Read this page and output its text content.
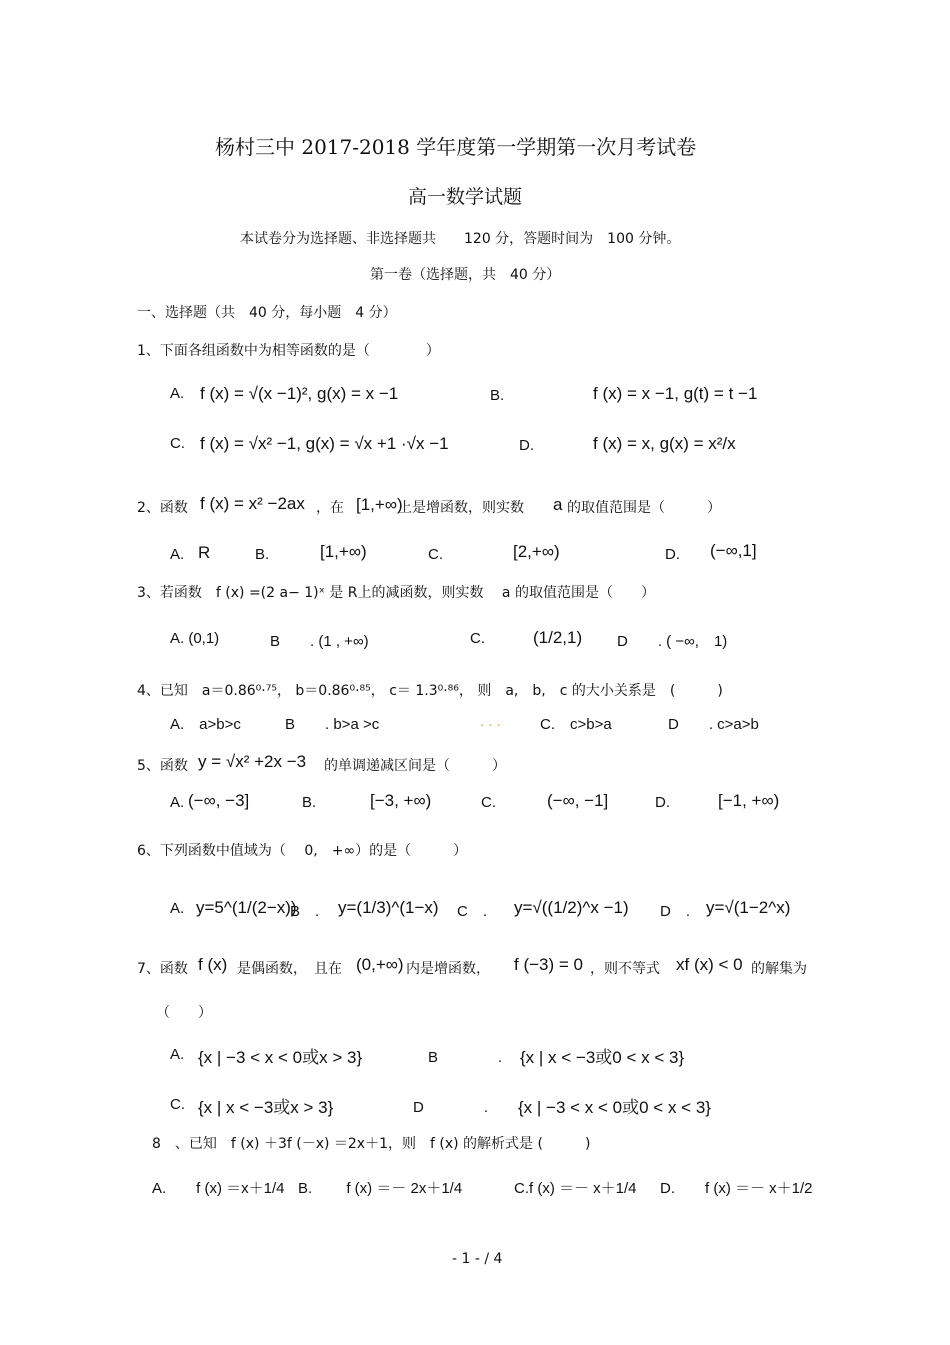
杨村三中 2017-2018 学年度第一学期第一次月考试卷
高一数学试题
本试卷分为选择题、非选择题共　　120 分，答题时间为　100 分钟。
第一卷（选择题，共　40 分）
一、选择题（共　40 分，每小题　4 分）
1、下面各组函数中为相等函数的是（　　　　）
A. f (x) = √(x −1)², g(x) = x −1	B.	f (x) = x −1, g(t) = t −1
C. f (x) = √x² −1, g(x) = √x +1 ·√x −1	D.	f (x) = x, g(x) = x²/x
2、函数 f (x) = x² −2ax ，在 [1,+∞)
上是增函数，则实数 a 的取值范围是（　　　）
A. R	B.	[1,+∞)	C.	[2,+∞)	D. (−∞,1]
3、若函数　f (x) =(2 a− 1)ˣ 是 R上的减函数，则实数　 a 的取值范围是（　　）
A. (0,1)	B　　. (1 , +∞)	C.	(1/2,1) D　　. ( −∞,　1)
4、已知　a＝0.86⁰·⁷⁵， b＝0.86⁰·⁸⁵， c＝ 1.3⁰·⁸⁶， 则　a,　b,　c 的大小关系是　(　　　)
A.　a>b>c	B　　. b>a >c	. . .	C.　c>b>a	D　　. c>a>b
5、函数 y = √x² +2x −3 的单调递减区间是（　　　）
A. (−∞, −3]	B.	[−3, +∞)	C.	(−∞, −1]	D.	[−1, +∞)
6、下列函数中值域为（　 0,　+∞）的是（　　　）
A. y=5^(1/(2−x))
B　. y=(1/3)^(1−x) C　. y=√((1/2)^x −1) D　. y=√(1−2^x)
7、函数 f (x) 是偶函数，　且在 (0,+∞) 内是增函数， f (−3) = 0 ，则不等式 xf (x) < 0 的解集为
（　　）
A. {x | −3 < x < 0或x > 3}	B　　　　. {x | x < −3或0 < x < 3}
C. {x | x < −3或x > 3}	D　　　　. {x | −3 < x < 0或0 < x < 3}
8　、已知　f (x) ＋3f (－x) ＝2x＋1，则　f (x) 的解析式是 (　　　)
A.　　f (x) ＝x＋1/4 B.　　 f (x) ＝－ 2x＋1/4	C.f (x) ＝－ x＋1/4 D.　　f (x) ＝－ x＋1/2
- 1 - / 4
